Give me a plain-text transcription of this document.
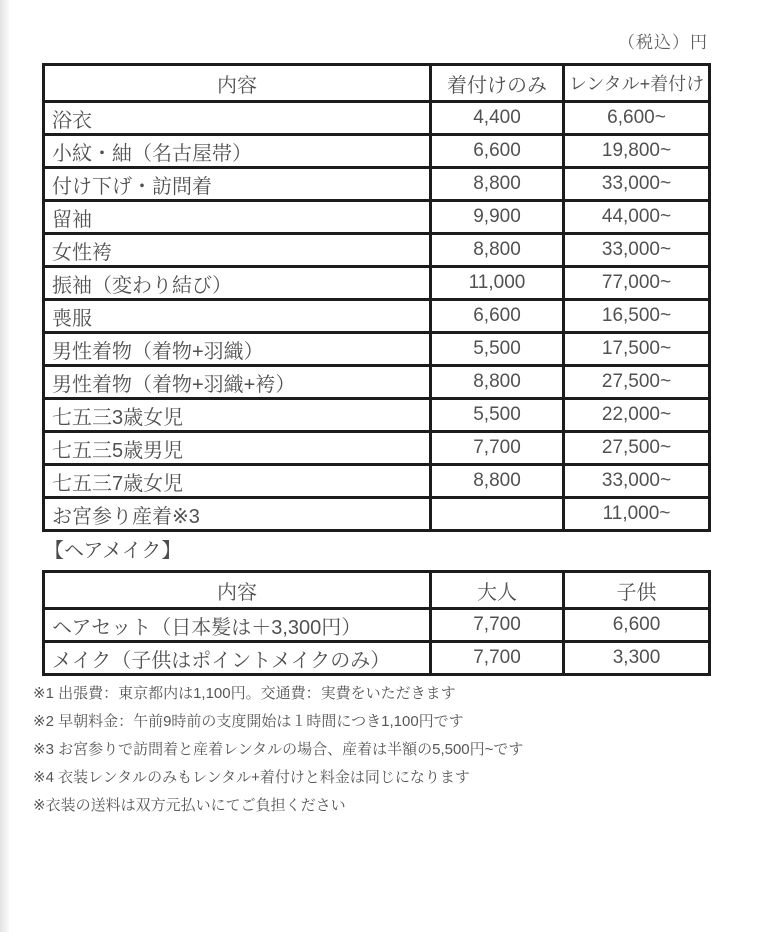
（税込）円
内容	着付けのみ	レンタル+着付け
浴衣	4,400	6,600~
小紋・紬（名古屋帯）	6,600	19,800~
付け下げ・訪問着	8,800	33,000~
留袖	9,900	44,000~
女性袴	8,800	33,000~
振袖（変わり結び）	11,000	77,000~
喪服	6,600	16,500~
男性着物（着物+羽織）	5,500	17,500~
男性着物（着物+羽織+袴）	8,800	27,500~
七五三3歳女児	5,500	22,000~
七五三5歳男児	7,700	27,500~
七五三7歳女児	8,800	33,000~
お宮参り産着※3		11,000~
【ヘアメイク】
内容	大人	子供
ヘアセット（日本髪は＋3,300円）	7,700	6,600
メイク（子供はポイントメイクのみ）	7,700	3,300
※1 出張費：東京都内は1,100円。交通費：実費をいただきます
※2 早朝料金：午前9時前の支度開始は１時間につき1,100円です
※3 お宮参りで訪問着と産着レンタルの場合、産着は半額の5,500円~です
※4 衣装レンタルのみもレンタル+着付けと料金は同じになります
※衣装の送料は双方元払いにてご負担ください
